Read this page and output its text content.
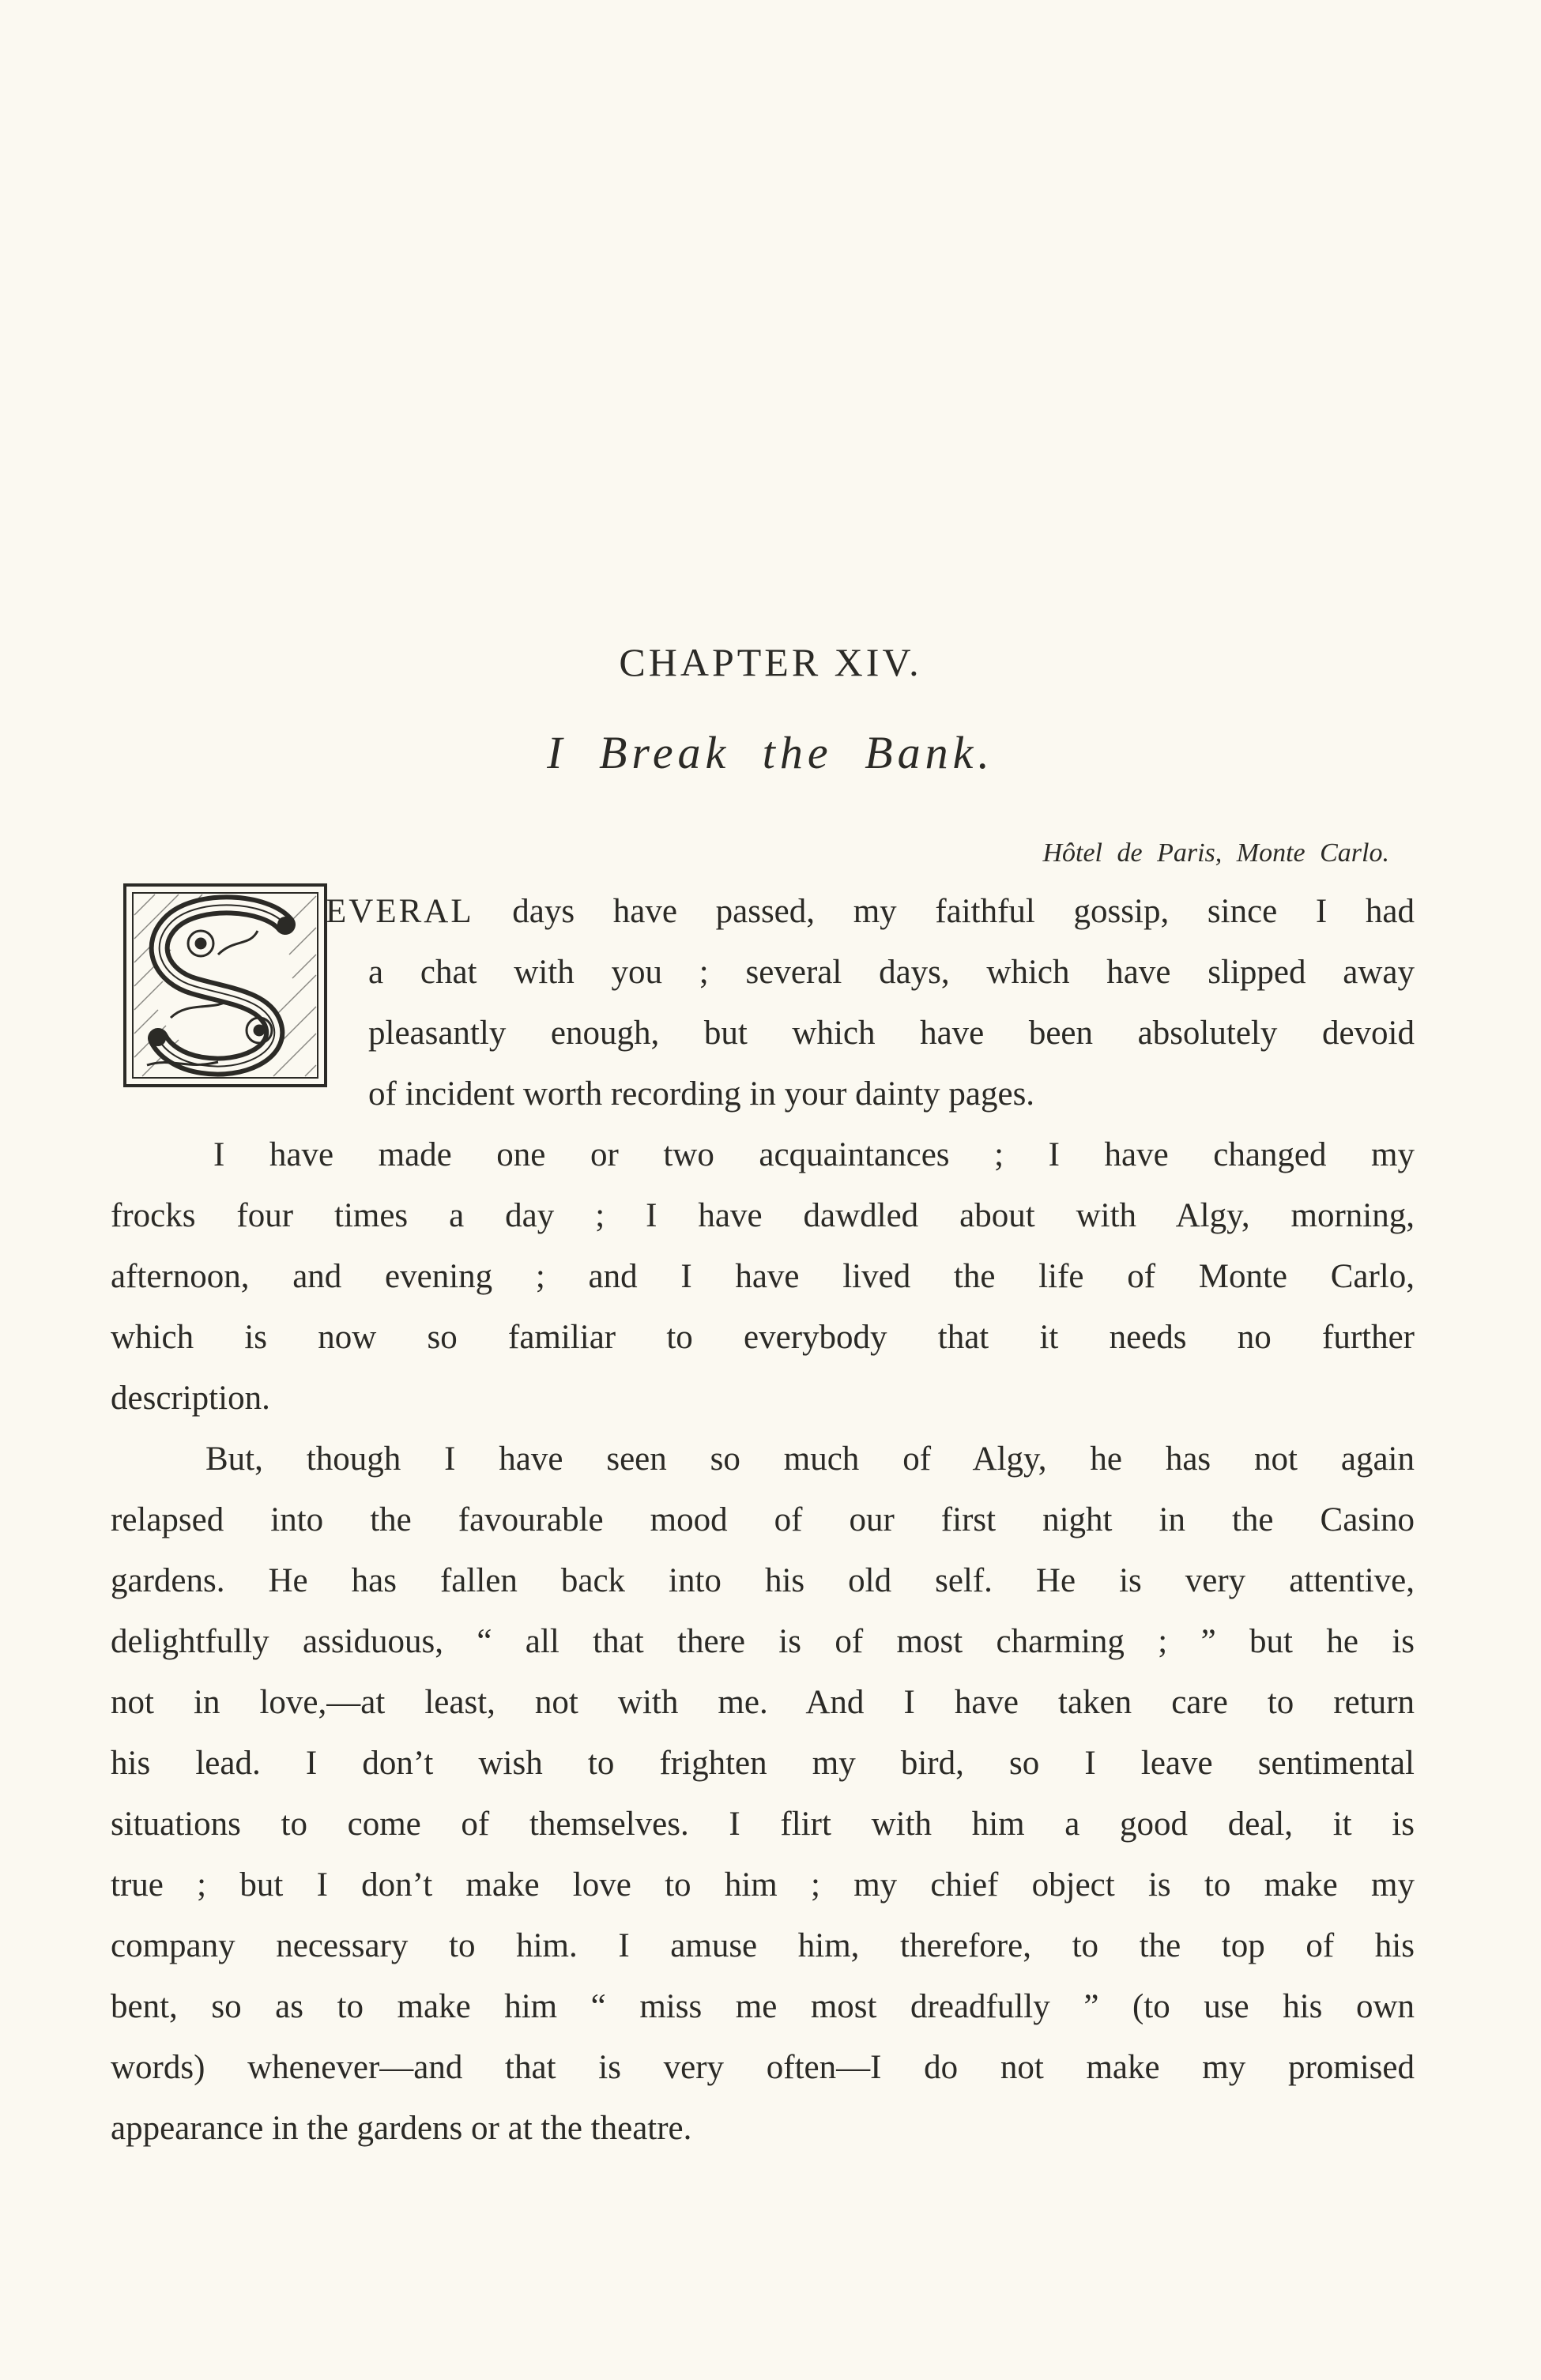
CHAPTER XIV.
I Break the Bank.
Hôtel de Paris, Monte Carlo.
EVERAL days have passed, my faithful gossip, since I had
a chat with you ; several days, which have slipped away
pleasantly enough, but which have been absolutely devoid
of incident worth recording in your dainty pages.
I have made one or two acquaintances ; I have changed my
frocks four times a day ; I have dawdled about with Algy, morning,
afternoon, and evening ; and I have lived the life of Monte Carlo,
which is now so familiar to everybody that it needs no further
description.
But, though I have seen so much of Algy, he has not again
relapsed into the favourable mood of our first night in the Casino
gardens. He has fallen back into his old self. He is very attentive,
delightfully assiduous, “ all that there is of most charming ; ” but he is
not in love,—at least, not with me. And I have taken care to return
his lead. I don’t wish to frighten my bird, so I leave sentimental
situations to come of themselves. I flirt with him a good deal, it is
true ; but I don’t make love to him ; my chief object is to make my
company necessary to him. I amuse him, therefore, to the top of his
bent, so as to make him “ miss me most dreadfully ” (to use his own
words) whenever—and that is very often—I do not make my promised
appearance in the gardens or at the theatre.
